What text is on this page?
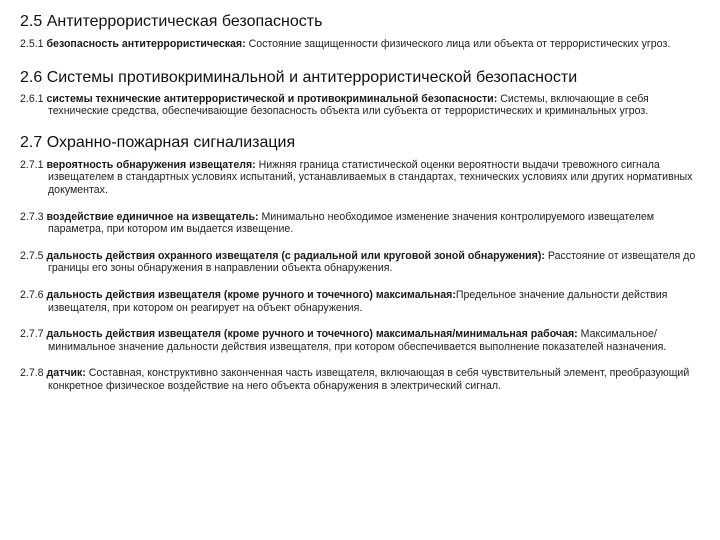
2.5 Антитеррористическая безопасность

2.5.1 безопасность антитеррористическая: Состояние защищенности физического лица или объекта от террористических угроз.

2.6 Системы противокриминальной и антитеррористической безопасности

2.6.1 системы технические антитеррористической и противокриминальной безопасности: Системы, включающие в себя технические средства, обеспечивающие безопасность объекта или субъекта от террористических и криминальных угроз.

2.7 Охранно-пожарная сигнализация

2.7.1 вероятность обнаружения извещателя: Нижняя граница статистической оценки вероятности выдачи тревожного сигнала извещателем в стандартных условиях испытаний, устанавливаемых в стандартах, технических условиях или других нормативных документах.

2.7.3 воздействие единичное на извещатель: Минимально необходимое изменение значения контролируемого извещателем параметра, при котором им выдается извещение.

2.7.5 дальность действия охранного извещателя (с радиальной или круговой зоной обнаружения): Расстояние от извещателя до границы его зоны обнаружения в направлении объекта обнаружения.

2.7.6 дальность действия извещателя (кроме ручного и точечного) максимальная:Предельное значение дальности действия извещателя, при котором он реагирует на объект обнаружения.

2.7.7 дальность действия извещателя (кроме ручного и точечного) максимальная/минимальная рабочая: Максимальное/минимальное значение дальности действия извещателя, при котором обеспечивается выполнение показателей назначения.

2.7.8 датчик: Составная, конструктивно законченная часть извещателя, включающая в себя чувствительный элемент, преобразующий конкретное физическое воздействие на него объекта обнаружения в электрический сигнал.
